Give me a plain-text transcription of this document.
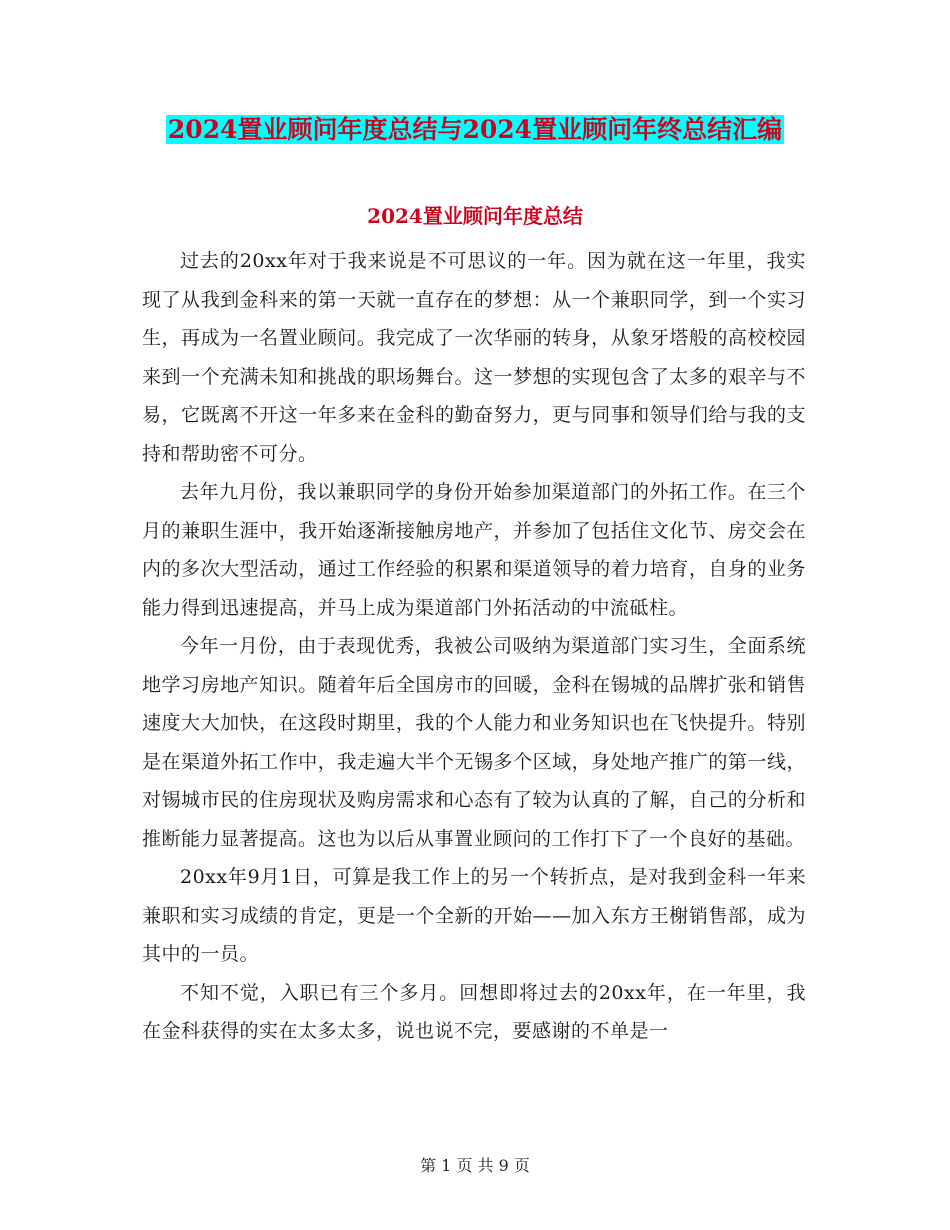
2024置业顾问年度总结与2024置业顾问年终总结汇编
2024置业顾问年度总结

过去的20xx年对于我来说是不可思议的一年。因为就在这一年里，我实现了从我到金科来的第一天就一直存在的梦想：从一个兼职同学，到一个实习生，再成为一名置业顾问。我完成了一次华丽的转身，从象牙塔般的高校校园来到一个充满未知和挑战的职场舞台。这一梦想的实现包含了太多的艰辛与不易，它既离不开这一年多来在金科的勤奋努力，更与同事和领导们给与我的支持和帮助密不可分。

去年九月份，我以兼职同学的身份开始参加渠道部门的外拓工作。在三个月的兼职生涯中，我开始逐渐接触房地产，并参加了包括住文化节、房交会在内的多次大型活动，通过工作经验的积累和渠道领导的着力培育，自身的业务能力得到迅速提高，并马上成为渠道部门外拓活动的中流砥柱。

今年一月份，由于表现优秀，我被公司吸纳为渠道部门实习生，全面系统地学习房地产知识。随着年后全国房市的回暖，金科在锡城的品牌扩张和销售速度大大加快，在这段时期里，我的个人能力和业务知识也在飞快提升。特别是在渠道外拓工作中，我走遍大半个无锡多个区域，身处地产推广的第一线，对锡城市民的住房现状及购房需求和心态有了较为认真的了解，自己的分析和推断能力显著提高。这也为以后从事置业顾问的工作打下了一个良好的基础。

20xx年9月1日，可算是我工作上的另一个转折点，是对我到金科一年来兼职和实习成绩的肯定，更是一个全新的开始——加入东方王榭销售部，成为其中的一员。

不知不觉，入职已有三个多月。回想即将过去的20xx年，在一年里，我在金科获得的实在太多太多，说也说不完，要感谢的不单是一

第 1 页 共 9 页
